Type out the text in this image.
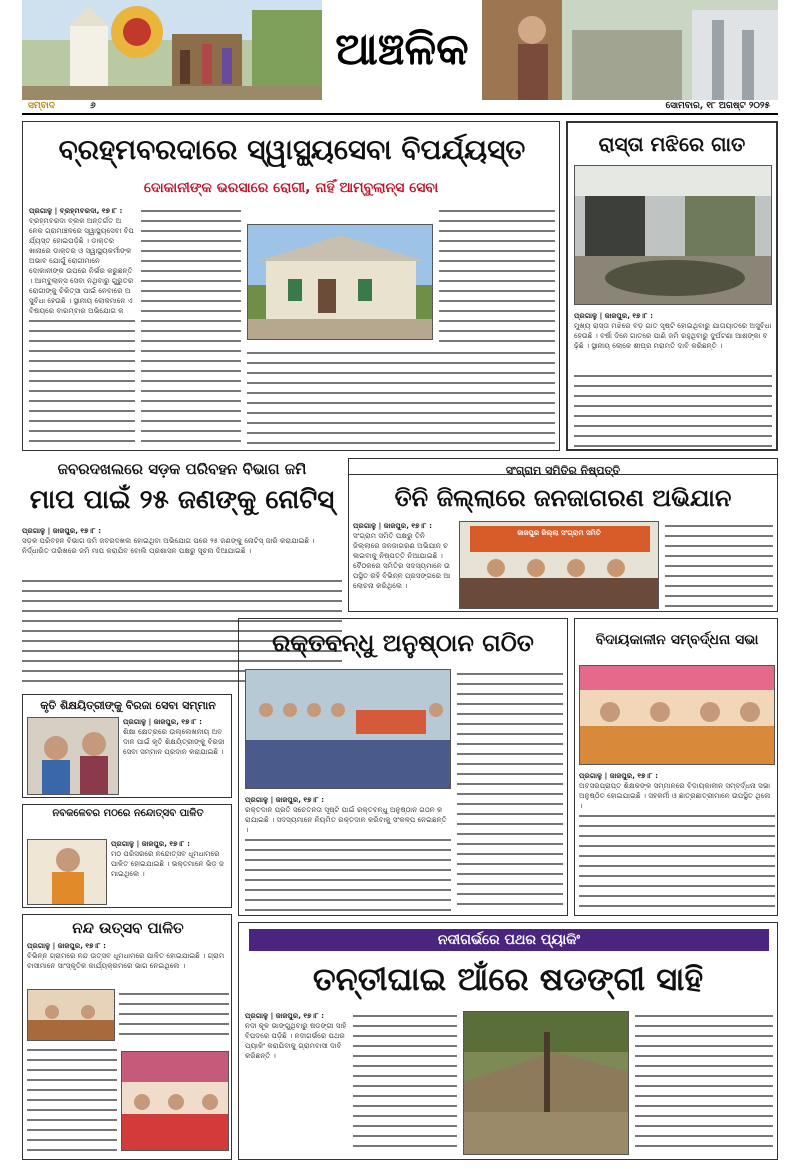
ଆଞ୍ଚଳିକ
ସମ୍ବାଦ	୬	ସୋମବାର, ୧୮ ଅଗଷ୍ଟ ୨୦୨୫
ବ୍ରହ୍ମବରଦାରେ ସ୍ୱାସ୍ଥ୍ୟସେବା ବିପର୍ଯ୍ୟସ୍ତ
ଦୋକାନୀଙ୍କ ଭରସାରେ ରୋଗୀ, ନାହିଁ ଆମ୍ବୁଲାନ୍ସ ସେବା
ପ୍ରଗାଳୁ | ବ୍ରହ୍ମବରଦା, ୧୭।୮ :
ବ୍ରହ୍ମବରଦା ବ୍ଲକ ଅନ୍ତର୍ଗତ ଅନେକ ଗ୍ରାମାଞ୍ଚଳରେ ସ୍ୱାସ୍ଥ୍ୟସେବା ବିପର୍ଯ୍ୟସ୍ତ ହୋଇପଡ଼ିଛି । ଡାକ୍ତରଖାନାରେ ଡାକ୍ତର ଓ ସ୍ୱାସ୍ଥ୍ୟକର୍ମୀଙ୍କ ଅଭାବ ଯୋଗୁଁ ରୋଗୀମାନେ ଦୋକାନୀଙ୍କ ଉପରେ ନିର୍ଭର କରୁଛନ୍ତି । ଆମ୍ବୁଲାନ୍ସ ସେବା ନଥିବାରୁ ଗୁରୁତର ରୋଗୀଙ୍କୁ ଚିକିତ୍ସା ପାଇଁ ନେବାରେ ଅସୁବିଧା ହେଉଛି । ସ୍ଥାନୀୟ ଲୋକମାନେ ଏ ବିଷୟରେ ବାରମ୍ବାର ଅଭିଯୋଗ କ
ରାସ୍ତା ମଝିରେ ଗାତ
ପ୍ରଗାଳୁ | ଜାଜପୁର, ୧୭।୮ :
ମୁଖ୍ୟ ରାସ୍ତା ମଝିରେ ବଡ଼ ଗାତ ସୃଷ୍ଟି ହୋଇଥିବାରୁ ଯାତାୟାତରେ ଅସୁବିଧା ହେଉଛି । ବର୍ଷା ଦିନେ ଗାତରେ ପାଣି ଜମି ରହୁଥିବାରୁ ଦୁର୍ଘଟଣା ଆଶଙ୍କା ବଢ଼ିଛି । ସ୍ଥାନୀୟ ଲୋକେ ଶୀଘ୍ର ମରାମତି ଦାବି କରିଛନ୍ତି ।
ଜବରଦଖଲରେ ସଡ଼କ ପରିବହନ ବିଭାଗ ଜମି
ମାପ ପାଇଁ ୨୫ ଜଣଙ୍କୁ ନୋଟିସ୍
ପ୍ରଗାଳୁ | ଜାଜପୁର, ୧୭।୮ :
ସଡ଼କ ପରିବହନ ବିଭାଗ ଜମି ଜବରଦଖଲ ହୋଇଥିବା ଅଭିଯୋଗ ପରେ ୨୫ ଜଣଙ୍କୁ ନୋଟିସ୍ ଜାରି କରାଯାଇଛି । ନିର୍ଦ୍ଧାରିତ ତାରିଖରେ ଜମି ମାପ କରାଯିବ ବୋଲି ପ୍ରଶାସନ ପକ୍ଷରୁ ସୂଚନା ଦିଆଯାଇଛି ।
ସଂଗ୍ରାମ ସମିତିର ନିଷ୍ପତ୍ତି
ତିନି ଜିଲ୍ଲାରେ ଜନଜାଗରଣ ଅଭିଯାନ
ପ୍ରଗାଳୁ | ଜାଜପୁର, ୧୭।୮ :
ସଂଗ୍ରାମ ସମିତି ପକ୍ଷରୁ ତିନି ଜିଲ୍ଲାରେ ଜନଜାଗରଣ ଅଭିଯାନ ଚଳାଇବାକୁ ନିଷ୍ପତ୍ତି ନିଆଯାଇଛି । ବୈଠକରେ ସମିତିର ସଦସ୍ୟମାନେ ଉପସ୍ଥିତ ରହି ବିଭିନ୍ନ ପ୍ରସଙ୍ଗରେ ଆଲୋଚନା କରିଥିଲେ ।
ଜାଜପୁର ଜିଲ୍ଲା ସଂଗ୍ରାମ ସମିତି
କୃତି ଶିକ୍ଷୟିତ୍ରୀଙ୍କୁ ବିରଜା ସେବା ସମ୍ମାନ
ପ୍ରଗାଳୁ | ଜାଜପୁର, ୧୭।୮ :
ଶିକ୍ଷା କ୍ଷେତ୍ରରେ ଉଲ୍ଲେଖନୀୟ ଅବଦାନ ପାଇଁ କୃତି ଶିକ୍ଷୟିତ୍ରୀଙ୍କୁ ବିରଜା ସେବା ସମ୍ମାନ ପ୍ରଦାନ କରାଯାଇଛି ।
ନବକଳେବର ମଠରେ ନନ୍ଦୋତ୍ସବ ପାଳିତ
ପ୍ରଗାଳୁ | ଜାଜପୁର, ୧୭।୮ :
ମଠ ପରିସରରେ ନନ୍ଦୋତ୍ସବ ଧୂମଧାମରେ ପାଳିତ ହୋଇଯାଇଛି । ଭକ୍ତମାନେ ଭିଡ଼ ଜମାଇଥିଲେ ।
ନନ୍ଦ ଉତ୍ସବ ପାଳିତ
ପ୍ରଗାଳୁ | ଜାଜପୁର, ୧୭।୮ :
ବିଭିନ୍ନ ଗ୍ରାମରେ ନନ୍ଦ ଉତ୍ସବ ଧୂମଧାମରେ ପାଳିତ ହୋଇଯାଇଛି । ଗ୍ରାମବାସୀମାନେ ସାଂସ୍କୃତିକ କାର୍ଯ୍ୟକ୍ରମରେ ଭାଗ ନେଇଥିଲେ ।
ରକ୍ତବନ୍ଧୁ ଅନୁଷ୍ଠାନ ଗଠିତ
ପ୍ରଗାଳୁ | ଜାଜପୁର, ୧୭।୮ :
ରକ୍ତଦାନ ପ୍ରତି ସଚେତନତା ସୃଷ୍ଟି ପାଇଁ ରକ୍ତବନ୍ଧୁ ଅନୁଷ୍ଠାନ ଗଠନ କରାଯାଇଛି । ସଦସ୍ୟମାନେ ନିୟମିତ ରକ୍ତଦାନ କରିବାକୁ ସଂକଳ୍ପ ନେଇଛନ୍ତି ।
ବିଦାୟକାଳୀନ ସମ୍ବର୍ଦ୍ଧନା ସଭା
ପ୍ରଗାଳୁ | ଜାଜପୁର, ୧୭।୮ :
ଅବସରପ୍ରାପ୍ତ ଶିକ୍ଷକଙ୍କ ସମ୍ମାନରେ ବିଦାୟକାଳୀନ ସମ୍ବର୍ଦ୍ଧନା ସଭା ଅନୁଷ୍ଠିତ ହୋଇଯାଇଛି । ସହକର୍ମୀ ଓ ଛାତ୍ରଛାତ୍ରୀମାନେ ଉପସ୍ଥିତ ଥିଲେ ।
ନଦୀଗର୍ଭରେ ପଥର ପ୍ୟାକିଂ
ତନ୍ତୀଘାଇ ଆଁରେ ଷଡଙ୍ଗୀ ସାହି
ପ୍ରଗାଳୁ | ଜାଜପୁର, ୧୭।୮ :
ନଦୀ କୂଳ ଭାଙ୍ଗୁଥିବାରୁ ଷଡଙ୍ଗୀ ସାହି ବିପଦରେ ପଡ଼ିଛି । ନଦୀଗର୍ଭରେ ପଥର ପ୍ୟାକିଂ କରାଯିବାକୁ ଗ୍ରାମବାସୀ ଦାବି କରିଛନ୍ତି ।
